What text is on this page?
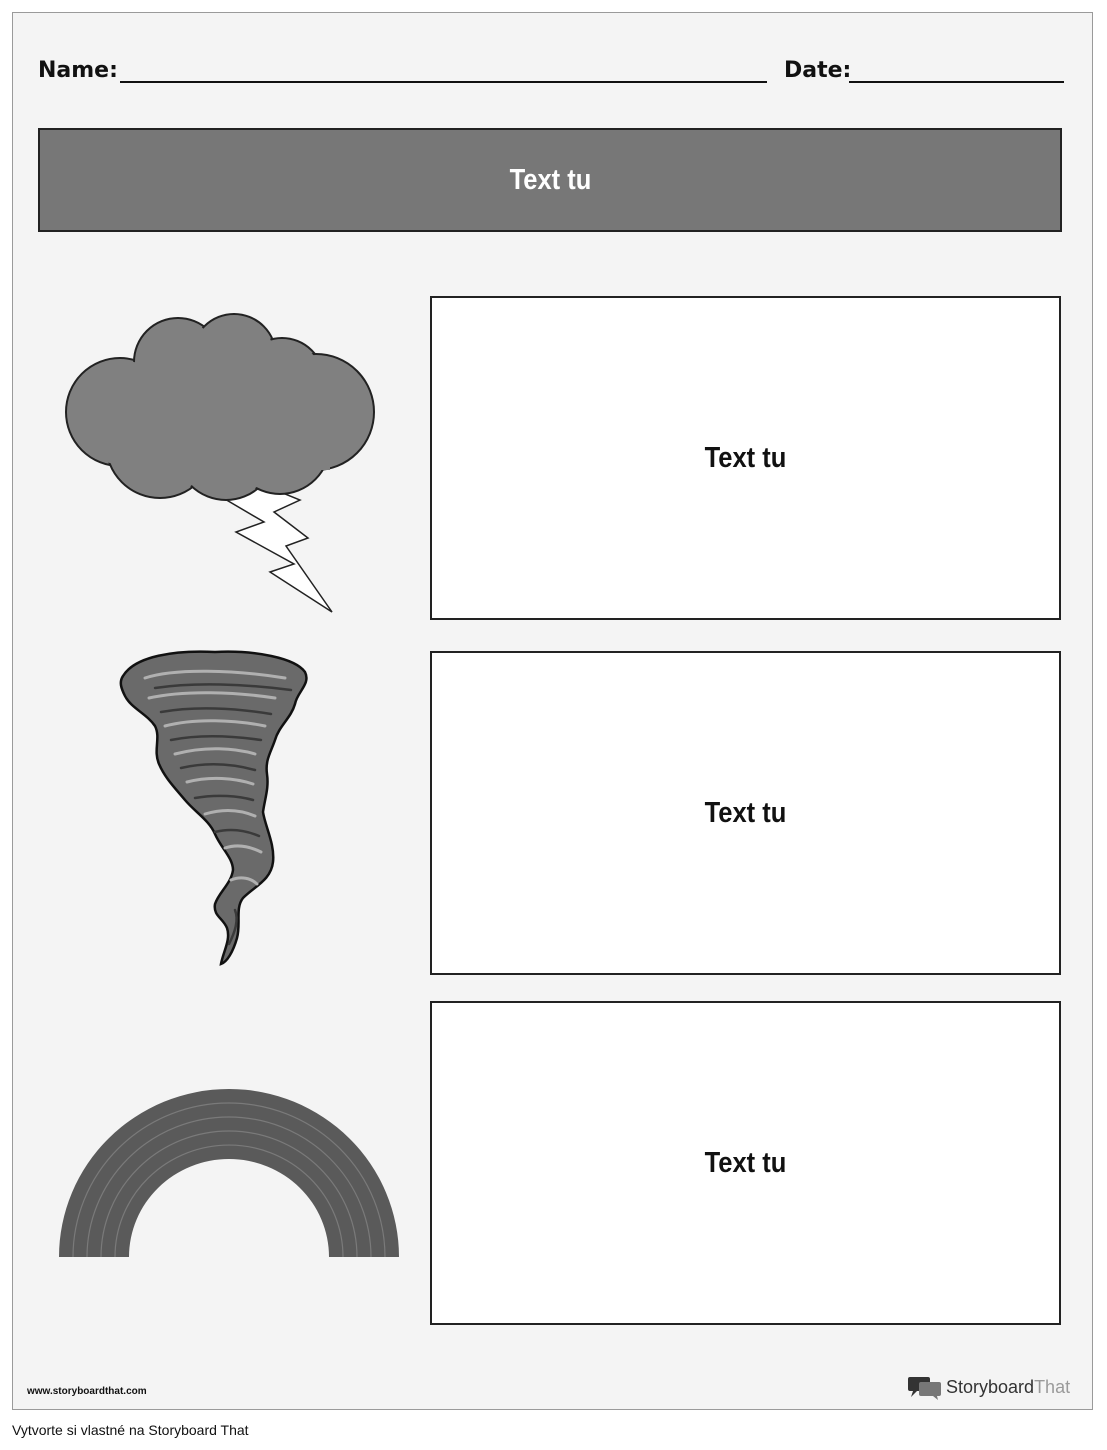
Name:	Date:
Text tu
Text tu
Text tu
Text tu
www.storyboardthat.com	StoryboardThat
Vytvorte si vlastné na Storyboard That
